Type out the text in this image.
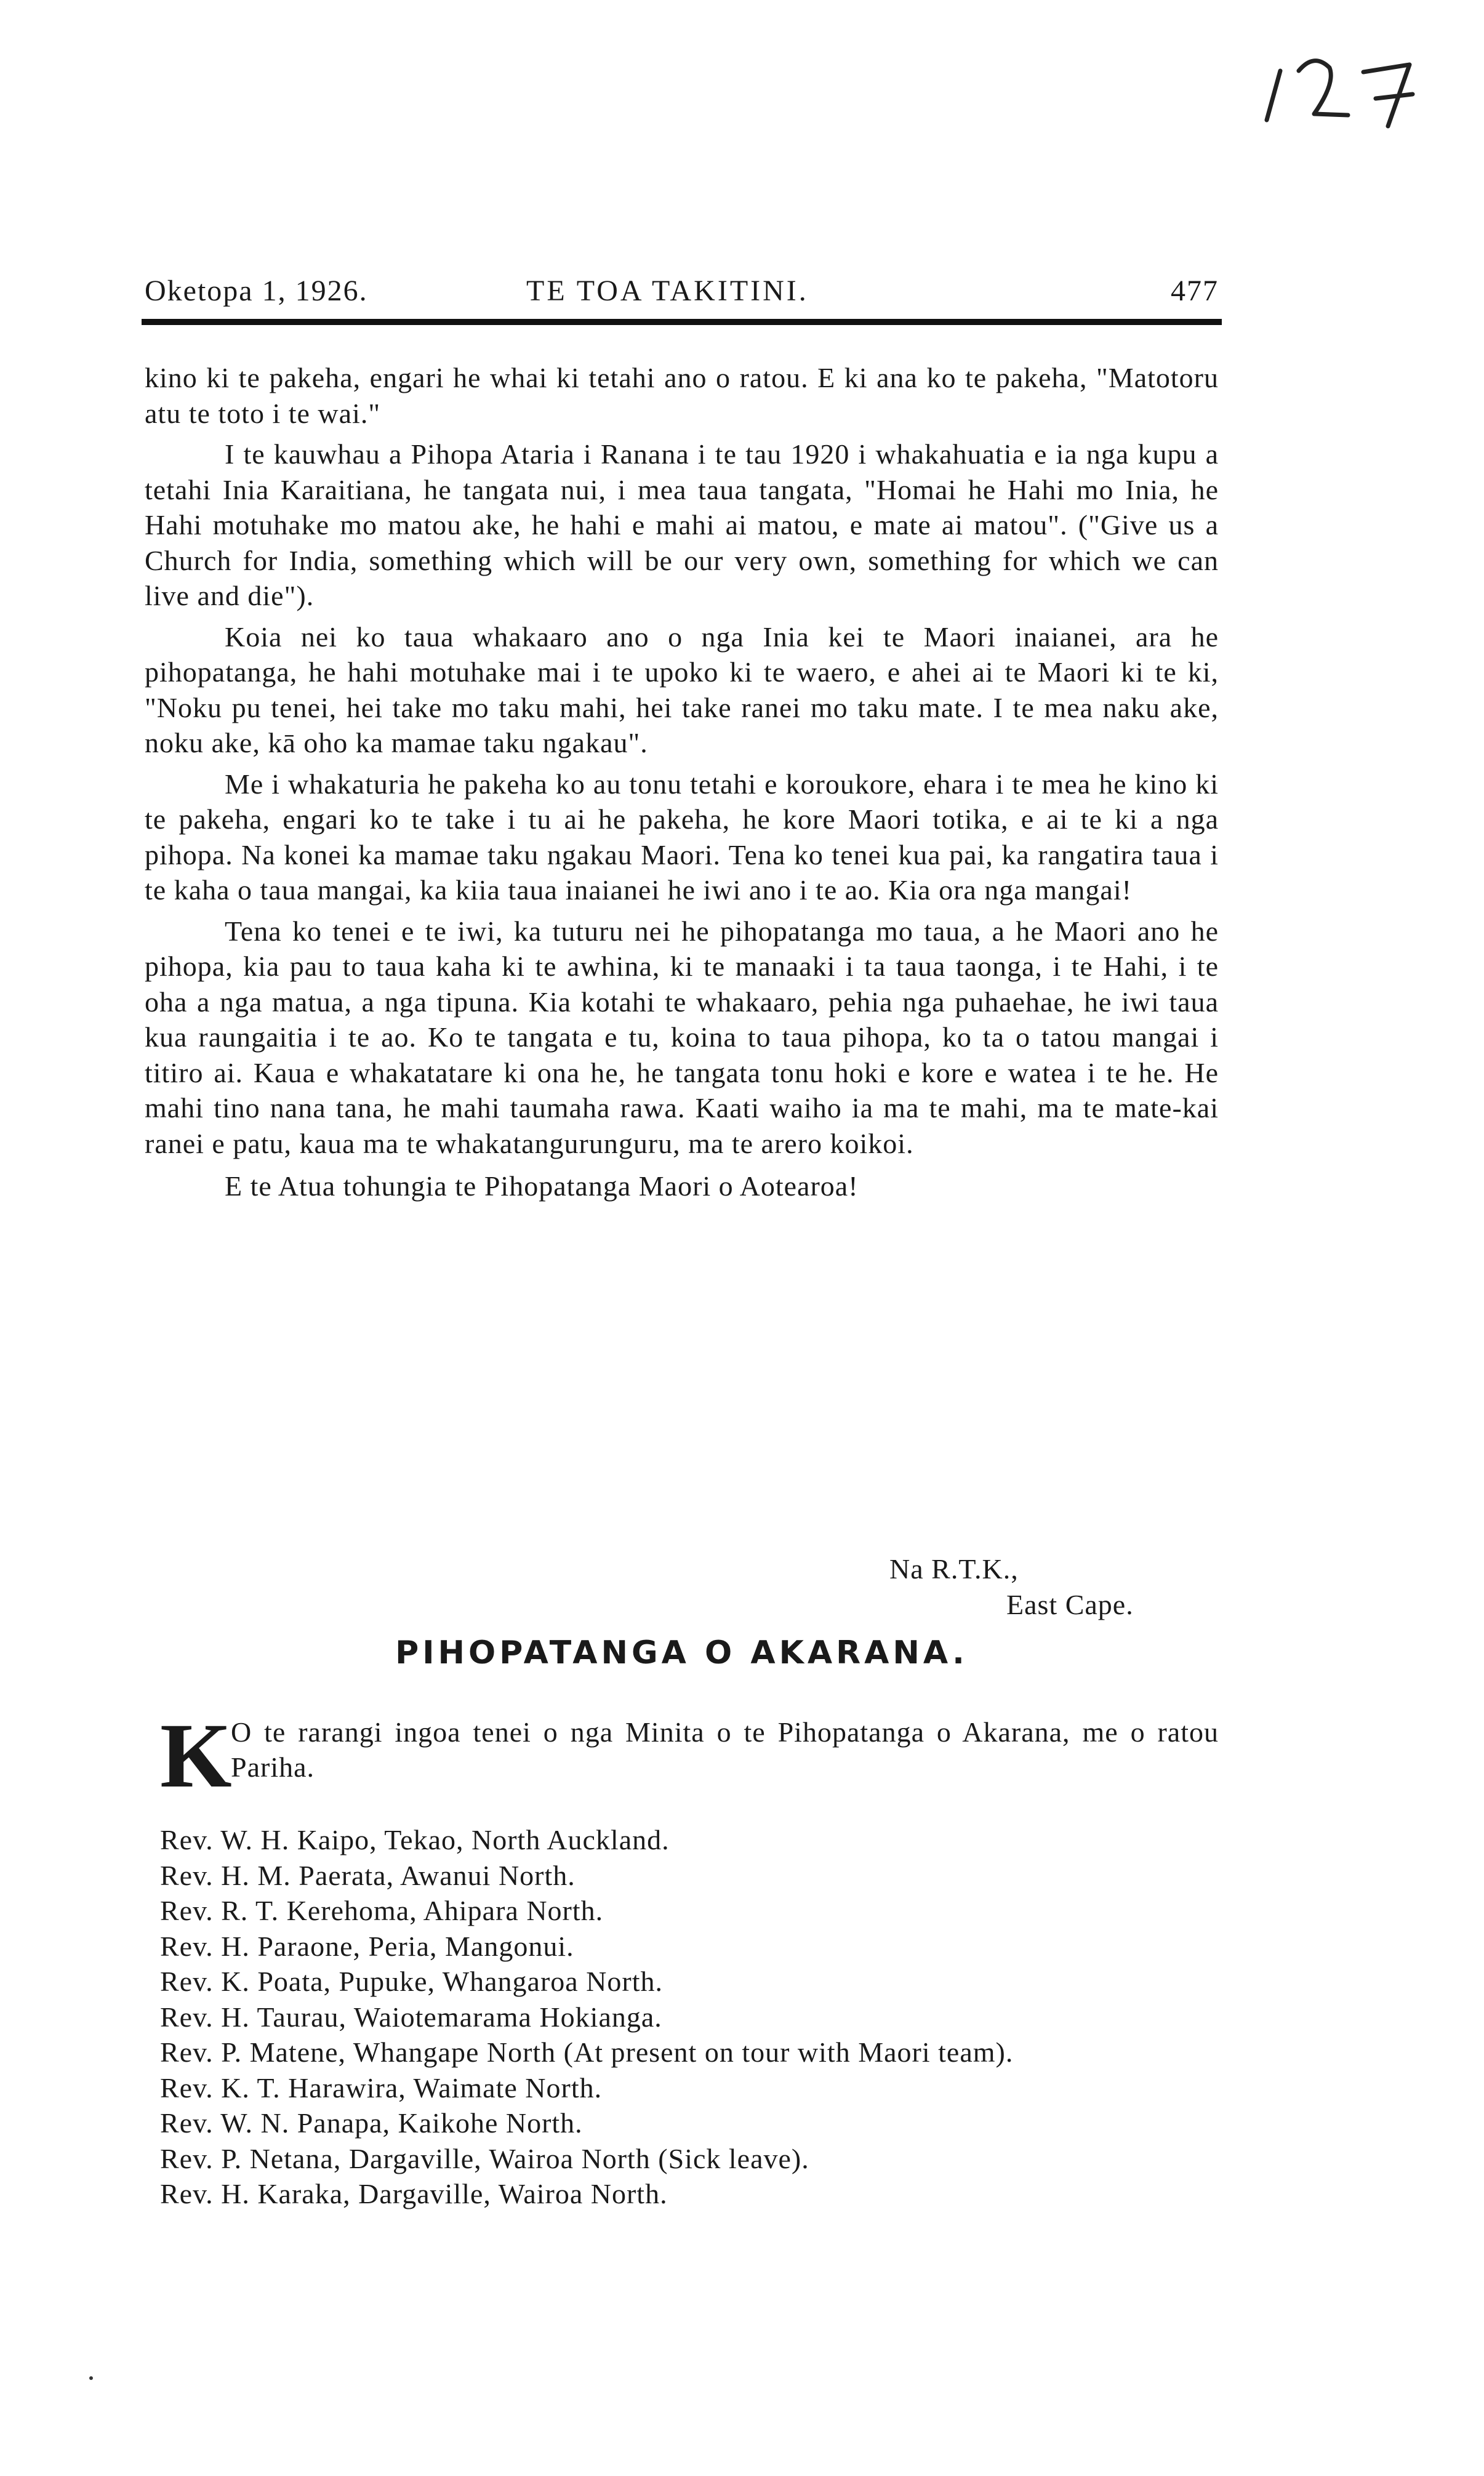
Oketopa 1, 1926.	TE TOA TAKITINI.	477

kino ki te pakeha, engari he whai ki tetahi ano o ratou. E ki ana ko te pakeha, "Matotoru atu te toto i te wai."

I te kauwhau a Pihopa Ataria i Ranana i te tau 1920 i whakahuatia e ia nga kupu a tetahi Inia Karaitiana, he tangata nui, i mea taua tangata, "Homai he Hahi mo Inia, he Hahi motuhake mo matou ake, he hahi e mahi ai matou, e mate ai matou". ("Give us a Church for India, something which will be our very own, something for which we can live and die").

Koia nei ko taua whakaaro ano o nga Inia kei te Maori inaianei, ara he pihopatanga, he hahi motuhake mai i te upoko ki te waero, e ahei ai te Maori ki te ki, "Noku pu tenei, hei take mo taku mahi, hei take ranei mo taku mate. I te mea naku ake, noku ake, kā oho ka mamae taku ngakau".

Me i whakaturia he pakeha ko au tonu tetahi e koroukore, ehara i te mea he kino ki te pakeha, engari ko te take i tu ai he pakeha, he kore Maori totika, e ai te ki a nga pihopa. Na konei ka mamae taku ngakau Maori. Tena ko tenei kua pai, ka rangatira taua i te kaha o taua mangai, ka kiia taua inaianei he iwi ano i te ao. Kia ora nga mangai!

Tena ko tenei e te iwi, ka tuturu nei he pihopatanga mo taua, a he Maori ano he pihopa, kia pau to taua kaha ki te awhina, ki te manaaki i ta taua taonga, i te Hahi, i te oha a nga matua, a nga tipuna. Kia kotahi te whakaaro, pehia nga puhaehae, he iwi taua kua raungaitia i te ao. Ko te tangata e tu, koina to taua pihopa, ko ta o tatou mangai i titiro ai. Kaua e whakatatare ki ona he, he tangata tonu hoki e kore e watea i te he. He mahi tino nana tana, he mahi taumaha rawa. Kaati waiho ia ma te mahi, ma te mate-kai ranei e patu, kaua ma te whakatangurunguru, ma te arero koikoi.

E te Atua tohungia te Pihopatanga Maori o Aotearoa!

Na R.T.K.,
East Cape.
PIHOPATANGA O AKARANA.
K
O te rarangi ingoa tenei o nga Minita o te Pihopatanga o Akarana, me o ratou Pariha.
Rev. W. H. Kaipo, Tekao, North Auckland.
Rev. H. M. Paerata, Awanui North.
Rev. R. T. Kerehoma, Ahipara North.
Rev. H. Paraone, Peria, Mangonui.
Rev. K. Poata, Pupuke, Whangaroa North.
Rev. H. Taurau, Waiotemarama Hokianga.
Rev. P. Matene, Whangape North (At present on tour with Maori team).
Rev. K. T. Harawira, Waimate North.
Rev. W. N. Panapa, Kaikohe North.
Rev. P. Netana, Dargaville, Wairoa North (Sick leave).
Rev. H. Karaka, Dargaville, Wairoa North.
